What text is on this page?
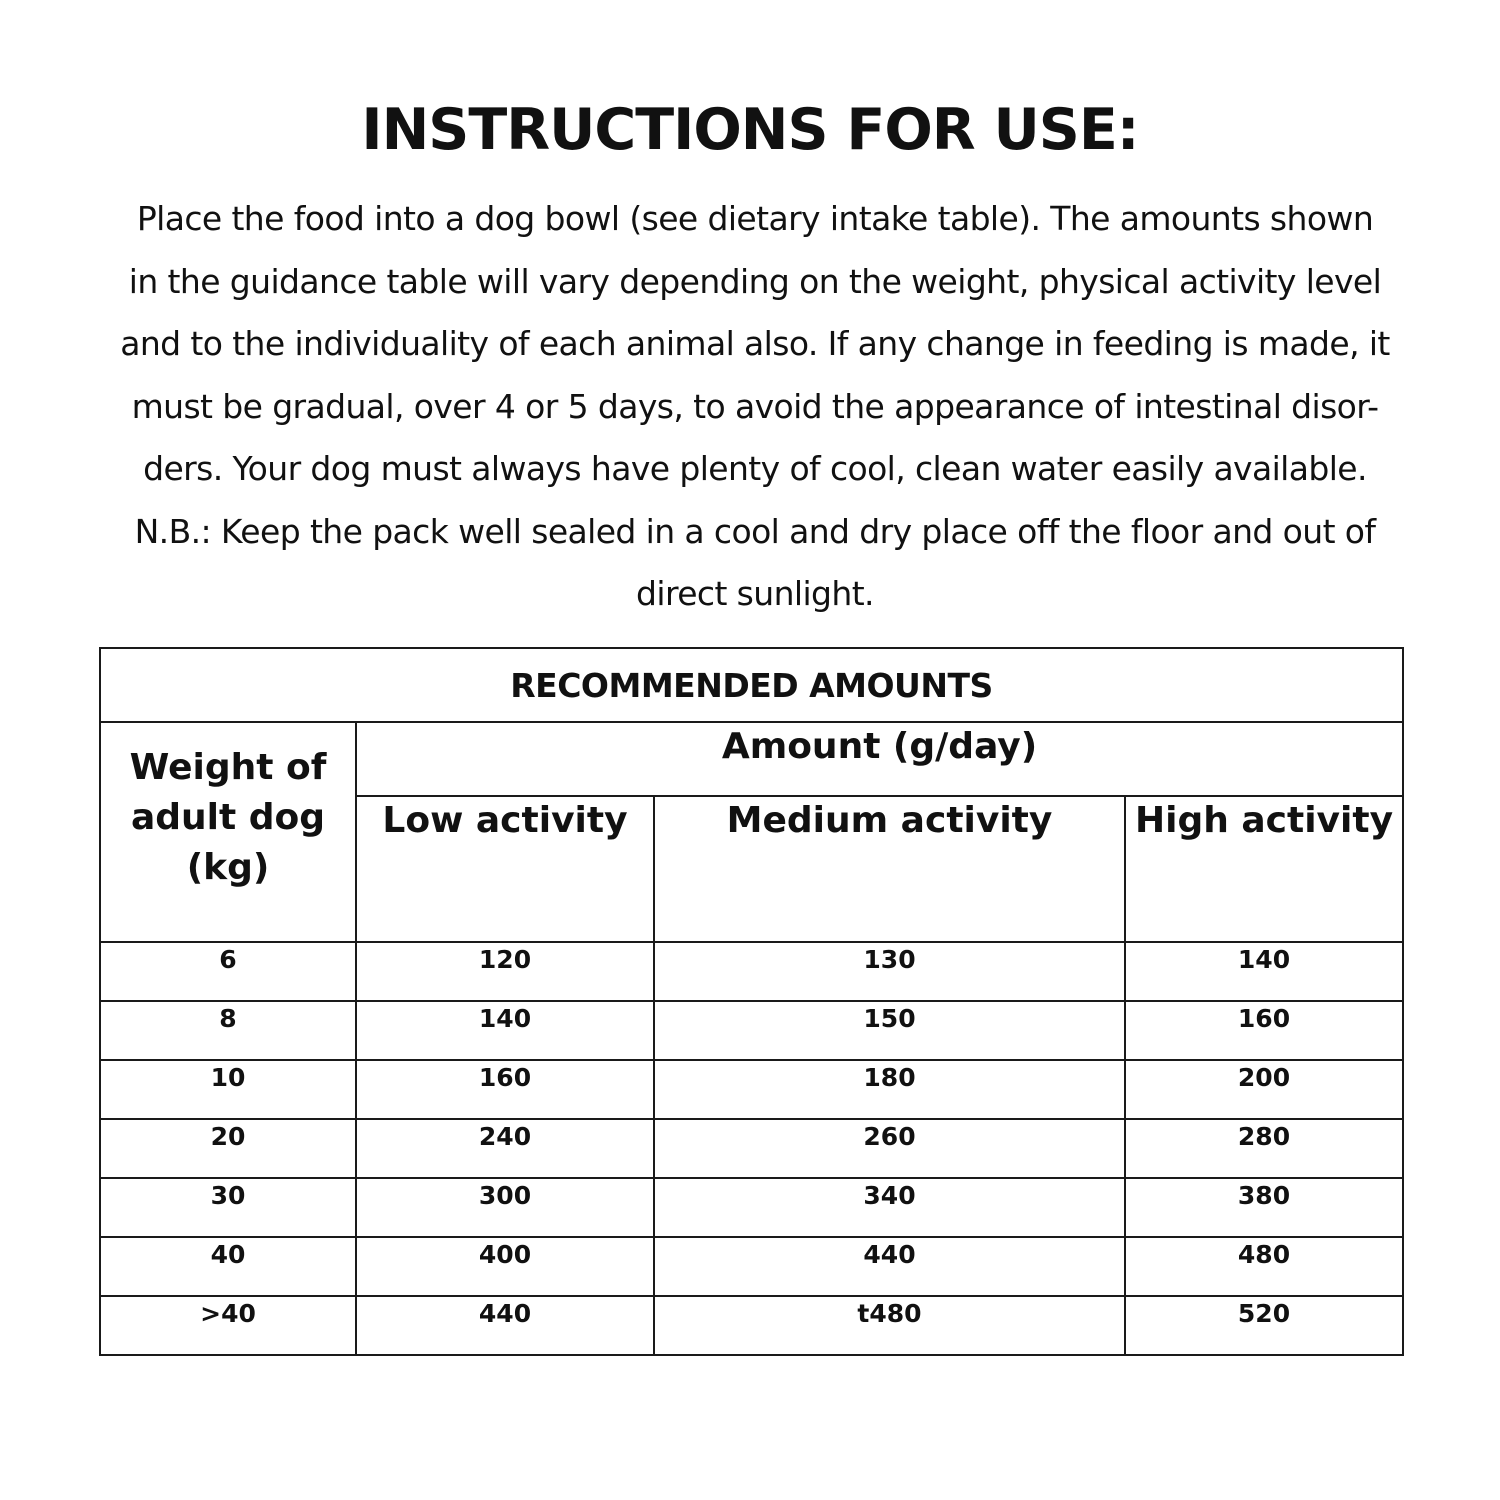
INSTRUCTIONS FOR USE:
Place the food into a dog bowl (see dietary intake table). The amounts shown
in the guidance table will vary depending on the weight, physical activity level
and to the individuality of each animal also. If any change in feeding is made, it
must be gradual, over 4 or 5 days, to avoid the appearance of intestinal disor-
ders. Your dog must always have plenty of cool, clean water easily available.
N.B.: Keep the pack well sealed in a cool and dry place off the floor and out of
direct sunlight.
RECOMMENDED AMOUNTS			
Weight of adult dog (kg)	Amount (g/day)		
	Low activity	Medium activity	High activity
6	120	130	140
8	140	150	160
10	160	180	200
20	240	260	280
30	300	340	380
40	400	440	480
>40	440	t480	520
